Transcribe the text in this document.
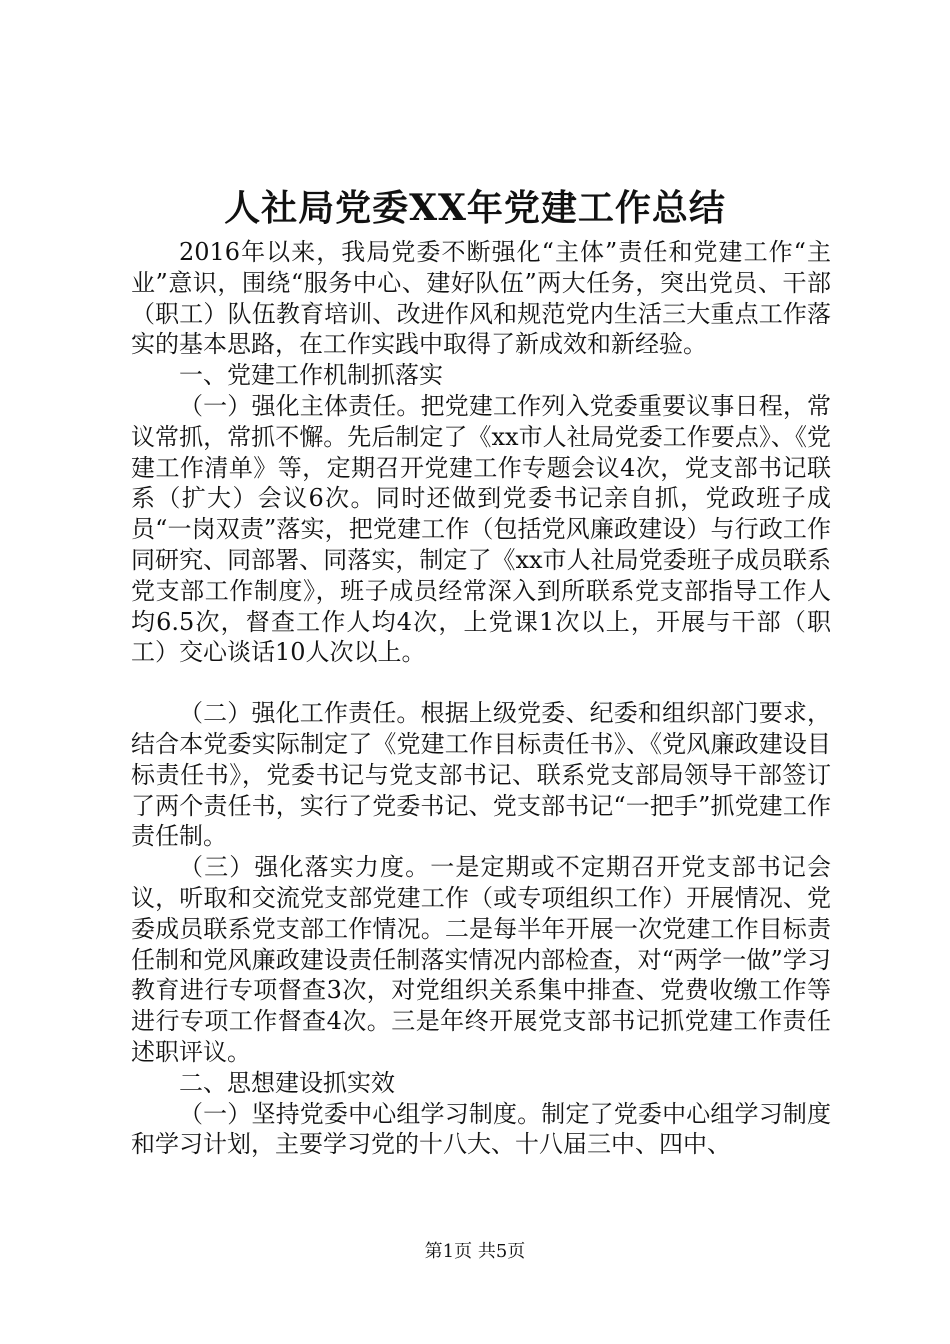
人社局党委XX年党建工作总结

2016年以来，我局党委不断强化“主体”责任和党建工作“主业”意识，围绕“服务中心、建好队伍”两大任务，突出党员、干部（职工）队伍教育培训、改进作风和规范党内生活三大重点工作落实的基本思路，在工作实践中取得了新成效和新经验。

一、党建工作机制抓落实

（一）强化主体责任。把党建工作列入党委重要议事日程，常议常抓，常抓不懈。先后制定了《xx市人社局党委工作要点》、《党建工作清单》等，定期召开党建工作专题会议4次，党支部书记联系（扩大）会议6次。同时还做到党委书记亲自抓，党政班子成员“一岗双责”落实，把党建工作（包括党风廉政建设）与行政工作同研究、同部署、同落实，制定了《xx市人社局党委班子成员联系党支部工作制度》，班子成员经常深入到所联系党支部指导工作人均6.5次，督查工作人均4次，上党课1次以上，开展与干部（职工）交心谈话10人次以上。

（二）强化工作责任。根据上级党委、纪委和组织部门要求，结合本党委实际制定了《党建工作目标责任书》、《党风廉政建设目标责任书》，党委书记与党支部书记、联系党支部局领导干部签订了两个责任书，实行了党委书记、党支部书记“一把手”抓党建工作责任制。

（三）强化落实力度。一是定期或不定期召开党支部书记会议，听取和交流党支部党建工作（或专项组织工作）开展情况、党委成员联系党支部工作情况。二是每半年开展一次党建工作目标责任制和党风廉政建设责任制落实情况内部检查，对“两学一做”学习教育进行专项督查3次，对党组织关系集中排查、党费收缴工作等进行专项工作督查4次。三是年终开展党支部书记抓党建工作责任述职评议。

二、思想建设抓实效

（一）坚持党委中心组学习制度。制定了党委中心组学习制度和学习计划，主要学习党的十八大、十八届三中、四中、

第1页 共5页
